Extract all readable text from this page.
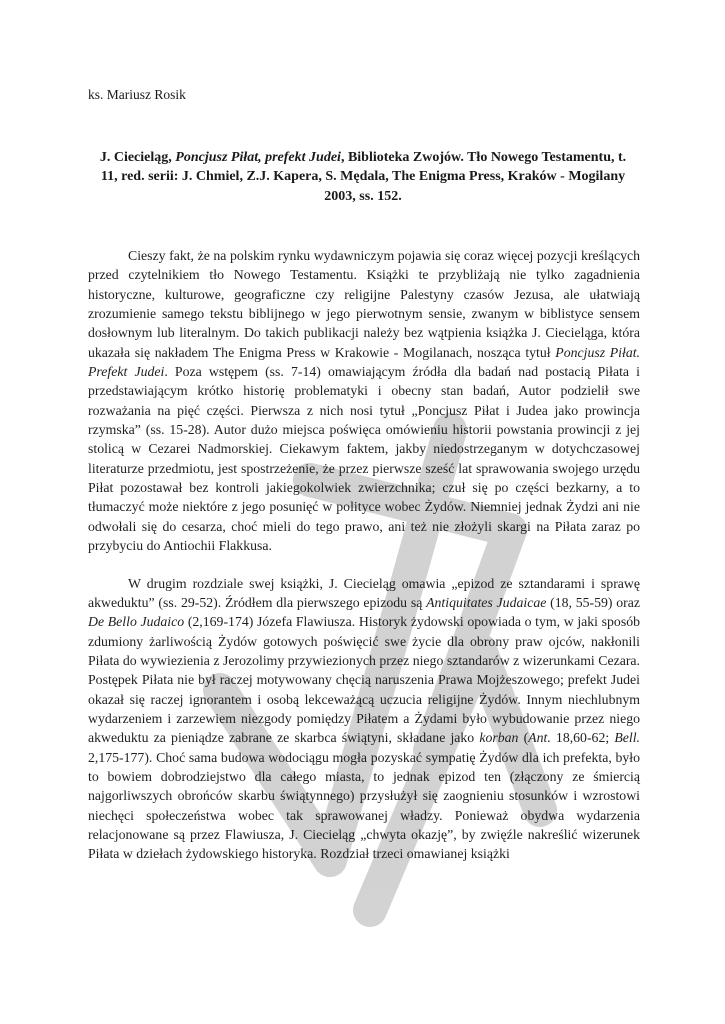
ks. Mariusz Rosik
J. Ciecieląg, Poncjusz Piłat, prefekt Judei, Biblioteka Zwojów. Tło Nowego Testamentu, t. 11, red. serii: J. Chmiel, Z.J. Kapera, S. Mędala, The Enigma Press, Kraków - Mogilany 2003, ss. 152.

Cieszy fakt, że na polskim rynku wydawniczym pojawia się coraz więcej pozycji kreślących przed czytelnikiem tło Nowego Testamentu. Książki te przybliżają nie tylko zagadnienia historyczne, kulturowe, geograficzne czy religijne Palestyny czasów Jezusa, ale ułatwiają zrozumienie samego tekstu biblijnego w jego pierwotnym sensie, zwanym w biblistyce sensem dosłownym lub literalnym. Do takich publikacji należy bez wątpienia książka J. Ciecieląga, która ukazała się nakładem The Enigma Press w Krakowie - Mogilanach, nosząca tytuł Poncjusz Piłat. Prefekt Judei. Poza wstępem (ss. 7-14) omawiającym źródła dla badań nad postacią Piłata i przedstawiającym krótko historię problematyki i obecny stan badań, Autor podzielił swe rozważania na pięć części. Pierwsza z nich nosi tytuł „Poncjusz Piłat i Judea jako prowincja rzymska” (ss. 15-28). Autor dużo miejsca poświęca omówieniu historii powstania prowincji z jej stolicą w Cezarei Nadmorskiej. Ciekawym faktem, jakby niedostrzeganym w dotychczasowej literaturze przedmiotu, jest spostrzeżenie, że przez pierwsze sześć lat sprawowania swojego urzędu Piłat pozostawał bez kontroli jakiegokolwiek zwierzchnika; czuł się po części bezkarny, a to tłumaczyć może niektóre z jego posunięć w polityce wobec Żydów. Niemniej jednak Żydzi ani nie odwołali się do cesarza, choć mieli do tego prawo, ani też nie złożyli skargi na Piłata zaraz po przybyciu do Antiochii Flakkusa.

W drugim rozdziale swej książki, J. Ciecieląg omawia „epizod ze sztandarami i sprawę akweduktu” (ss. 29-52). Źródłem dla pierwszego epizodu są Antiquitates Judaicae (18, 55-59) oraz De Bello Judaico (2,169-174) Józefa Flawiusza. Historyk żydowski opowiada o tym, w jaki sposób zdumiony żarliwością Żydów gotowych poświęcić swe życie dla obrony praw ojców, nakłonili Piłata do wywiezienia z Jerozolimy przywiezionych przez niego sztandarów z wizerunkami Cezara. Postępek Piłata nie był raczej motywowany chęcią naruszenia Prawa Mojżeszowego; prefekt Judei okazał się raczej ignorantem i osobą lekceważącą uczucia religijne Żydów. Innym niechlubnym wydarzeniem i zarzewiem niezgody pomiędzy Piłatem a Żydami było wybudowanie przez niego akweduktu za pieniądze zabrane ze skarbca świątyni, składane jako korban (Ant. 18,60-62; Bell. 2,175-177). Choć sama budowa wodociągu mogła pozyskać sympatię Żydów dla ich prefekta, było to bowiem dobrodziejstwo dla całego miasta, to jednak epizod ten (złączony ze śmiercią najgorliwszych obrońców skarbu świątynnego) przysłużył się zaognieniu stosunków i wzrostowi niechęci społeczeństwa wobec tak sprawowanej władzy. Ponieważ obydwa wydarzenia relacjonowane są przez Flawiusza, J. Ciecieląg „chwyta okazję”, by zwięźle nakreślić wizerunek Piłata w dziełach żydowskiego historyka. Rozdział trzeci omawianej książki
